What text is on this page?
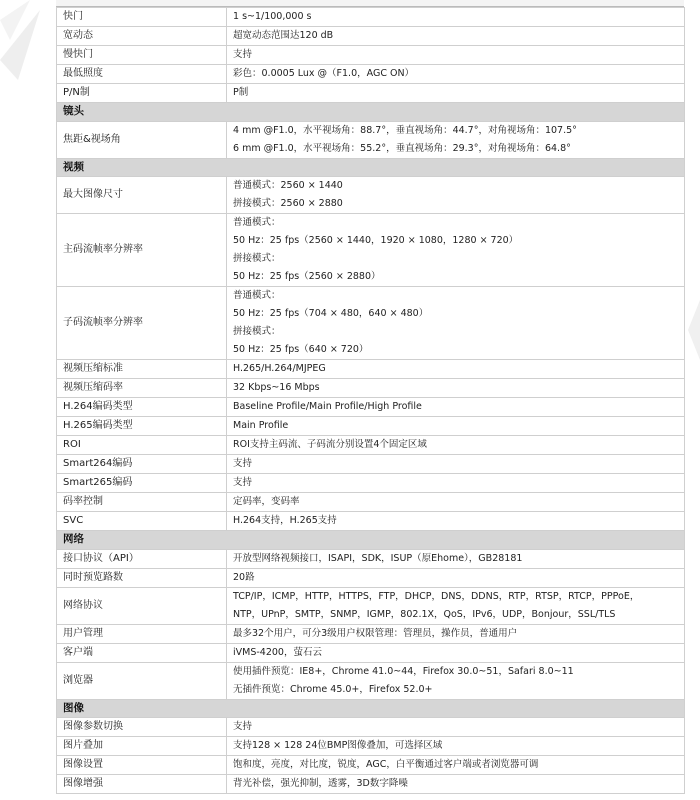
快门	1 s~1/100,000 s

宽动态	超宽动态范围达120 dB

慢快门	支持

最低照度	彩色：0.0005 Lux @（F1.0，AGC ON）

P/N制	P制

镜头	
焦距&视场角	4 mm @F1.0，水平视场角：88.7°，垂直视场角：44.7°，对角视场角：107.5°
6 mm @F1.0，水平视场角：55.2°，垂直视场角：29.3°，对角视场角：64.8°

视频	
最大图像尺寸	普通模式：2560 × 1440
拼接模式：2560 × 2880

主码流帧率分辨率	普通模式：
50 Hz：25 fps（2560 × 1440，1920 × 1080，1280 × 720）
拼接模式：
50 Hz：25 fps（2560 × 2880）

子码流帧率分辨率	普通模式：
50 Hz：25 fps（704 × 480，640 × 480）
拼接模式：
50 Hz：25 fps（640 × 720）

视频压缩标准	H.265/H.264/MJPEG

视频压缩码率	32 Kbps~16 Mbps

H.264编码类型	Baseline Profile/Main Profile/High Profile

H.265编码类型	Main Profile

ROI	ROI支持主码流、子码流分别设置4个固定区域

Smart264编码	支持

Smart265编码	支持

码率控制	定码率，变码率

SVC	H.264支持，H.265支持

网络	
接口协议（API）	开放型网络视频接口，ISAPI，SDK，ISUP（原Ehome），GB28181

同时预览路数	20路

网络协议	TCP/IP，ICMP，HTTP，HTTPS，FTP，DHCP，DNS，DDNS，RTP，RTSP，RTCP，PPPoE，
NTP，UPnP，SMTP，SNMP，IGMP，802.1X，QoS，IPv6，UDP，Bonjour，SSL/TLS

用户管理	最多32个用户，可分3级用户权限管理：管理员，操作员，普通用户

客户端	iVMS-4200，萤石云

浏览器	使用插件预览：IE8+，Chrome 41.0~44，Firefox 30.0~51，Safari 8.0~11
无插件预览：Chrome 45.0+，Firefox 52.0+

图像	
图像参数切换	支持

图片叠加	支持128 × 128 24位BMP图像叠加，可选择区域

图像设置	饱和度，亮度，对比度，锐度，AGC，白平衡通过客户端或者浏览器可调

图像增强	背光补偿，强光抑制，透雾，3D数字降噪
